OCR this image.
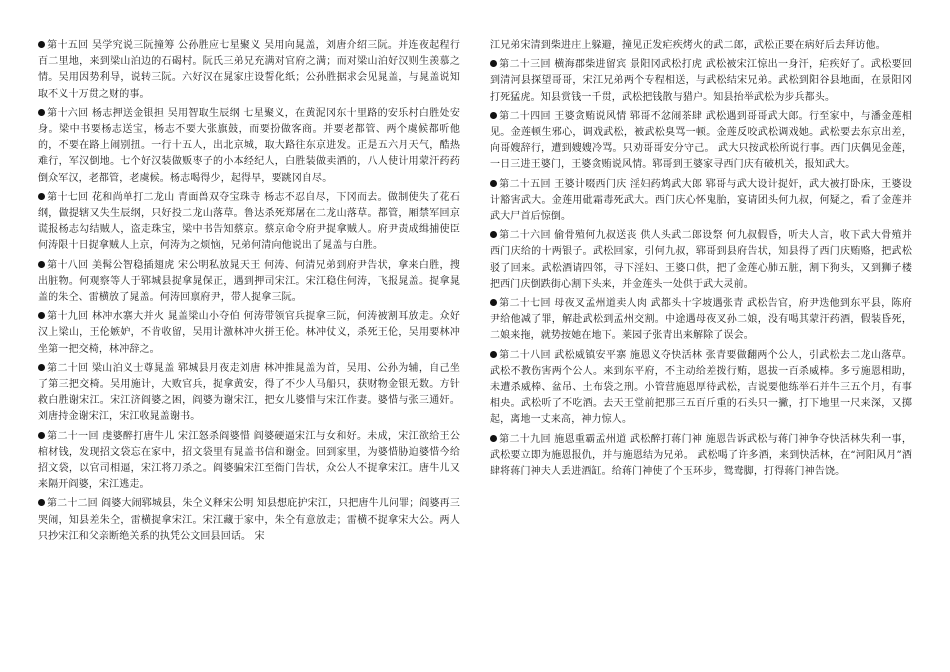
第十五回 吴学究说三阮撞筹 公孙胜应七星聚义 吴用向晁盖，刘唐介绍三阮。并连夜起程行百二里地，来到梁山泊边的石碣村。阮氏三弟兄充满对官府之满；而对梁山泊好汉则生羡慕之情。吴用因势利导，说转三阮。六好汉在晁家庄设誓化纸；公孙胜据求会见晁盖，与晁盖说知取不义十万贯之财的事。

第十六回 杨志押送金银担 吴用智取生辰纲 七星聚义，在黄泥冈东十里路的安乐村白胜处安身。梁中书要杨志送宝，杨志不要大张旗鼓，而要扮做客商。并要老都管、两个虞候都听他的，不要在路上闹别扭。一行十五人，出北京城，取大路往东京进发。正是五六月天气，酷热难行，军汉倒地。七个好汉装做贩枣子的小本经纪人，白胜装做卖酒的，八人使计用蒙汗药药倒众军汉，老都管，老虞候。杨志喝得少，起得早，要跳冈自尽。

第十七回 花和尚单打二龙山 青面兽双夺宝珠寺 杨志不忍自尽，下冈而去。做制使失了花石纲，做提辖又失生辰纲，只好投二龙山落草。鲁达杀死郑屠在二龙山落草。都管，厢禁军回京谎报杨志勾结贼人，盗走珠宝，梁中书告知蔡京。蔡京命令府尹捉拿贼人。府尹责成缉捕使臣何涛限十日捉拿贼人上京，何涛为之烦恼，兄弟何清向他说出了晁盖与白胜。

第十八回 美髯公智稳插翅虎 宋公明私放晁天王 何涛、何清兄弟到府尹告状，拿来白胜，搜出脏物。何观察等人于郓城县捉拿晁保正，遇到押司宋江。宋江稳住何涛，飞报晁盖。捉拿晁盖的朱仝、雷横放了晁盖。何涛回禀府尹，带人捉拿三阮。

第十九回 林冲水寨大并火 晁盖梁山小夺伯 何涛带领官兵捉拿三阮，何涛被割耳放走。众好汉上梁山，王伦嫉妒，不肯收留，吴用计激林冲火拼王伦。林冲仗义，杀死王伦，吴用要林冲坐第一把交椅，林冲辞之。

第二十回 梁山泊义士尊晁盖 郓城县月夜走刘唐 林冲推晁盖为首，吴用、公孙为辅，自己坐了第三把交椅。吴用施计，大败官兵，捉拿黄安，得了不少人马船只，获财物金银无数。方针救白胜谢宋江。宋江济阎婆之困，阎婆为谢宋江，把女儿婆惜与宋江作妻。婆惜与张三通奸。 刘唐持金谢宋江，宋江收晁盖谢书。

第二十一回 虔婆醉打唐牛儿 宋江怒杀阎婆惜 阎婆硬逼宋江与女和好。未成，宋江欲给王公棺材钱，发现招文袋忘在家中，招文袋里有晁盖书信和谢金。回到家里，为婆惜胁迫婆惜今给招文袋，以官司相逼，宋江将刀杀之。阎婆骗宋江至衙门告状，众公人不捉拿宋江。唐牛儿又来隔开阎婆，宋江逃走。

第二十二回 阎婆大闹郓城县，朱仝义释宋公明 知县想庇护宋江，只把唐牛儿问罪；阎婆再三哭闹，知县差朱仝，雷横捉拿宋江。宋江藏于家中，朱仝有意放走；雷横不捉拿宋大公。两人只抄宋江和父亲断绝关系的执凭公文回县回话。 宋

江兄弟宋清到柴进庄上躲避，撞见正发疟疾烤火的武二郎，武松正要在病好后去拜访他。

第二十三回 横海郡柴进留宾 景阳冈武松打虎 武松被宋江惊出一身汗，疟疾好了。武松要回到清河县探望哥哥，宋江兄弟两个专程相送，与武松结宋兄弟。武松到阳谷县地面，在景阳冈打死猛虎。知县赏钱一千贯，武松把钱散与猎户。知县抬举武松为步兵都头。

第二十四回 王婆贪贿说风情 郓哥不忿闹茶肆 武松遇到哥哥武大郎。行至家中，与潘金莲相见。金莲顿生邪心，调戏武松，被武松臭骂一顿。金莲反咬武松调戏她。武松要去东京出差，向哥嫂辞行，遭到嫂嫂冷骂。只劝哥哥安分守己。 武大只按武松所说行事。西门庆偶见金莲，一日三进王婆门，王婆贪贿说风情。郓哥到王婆家寻西门庆有破机关，报知武大。

第二十五回 王婆计啜西门庆 淫妇药鸩武大郎 郓哥与武大设计捉奸，武大被打卧床，王婆设计豁害武大。金莲用砒霜毒死武大。西门庆心怀鬼胎，宴请团头何九叔，何疑之，看了金莲并武大尸首后惊倒。

第二十六回 偷骨殖何九叔送丧 供人头武二郎设祭 何九叔假昏，听夫人言，收下武大骨殖并西门庆给的十两银子。武松回家，引何九叔，郓哥到县府告状，知县得了西门庆贿赂，把武松驳了回来。武松酒请四邻，寻下淫妇、王婆口供，把了金莲心肺五脏，割下狗头，又到狮子楼把西门庆倒跌街心割下头来，并金莲头一处供于武大灵前。

第二十七回 母夜叉孟州道卖人肉 武都头十字坡遇张青 武松告官，府尹迭他到东平县，陈府尹给他减了罪，解赴武松到孟州交割。中途遇母夜叉孙二娘，没有喝其蒙汗药酒，假装昏死，二娘来拖，就势按她在地下。莱园子张青出来解除了误会。

第二十八回 武松威镇安平寨 施恩义夺快活林 张青要做翻两个公人，引武松去二龙山落草。武松不教伤害两个公人。来到东平府，不主动给差拨行贿，恩拔一百杀威棒。多亏施恩相助，未遭杀威棒、盆吊、土布袋之刑。小管营施恩厚待武松，吉说要他练举石并牛三五个月，有事相央。武松听了不吃酒。去天王堂前把那三五百斤重的石头只一撇，打下地里一尺来深，又掷起，离地一丈来高，神力惊人。

第二十九回 施恩重霸孟州道 武松醉打蒋门神 施恩告诉武松与蒋门神争夺快活林失利一事，武松要立即为施恩报仇，并与施恩结为兄弟。 武松喝了许多酒，来到快活林，在“河阳风月”酒肆将蒋门神夫人丢进酒缸。给蒋门神使了个玉环步，鸳鸯脚，打得蒋门神告饶。
